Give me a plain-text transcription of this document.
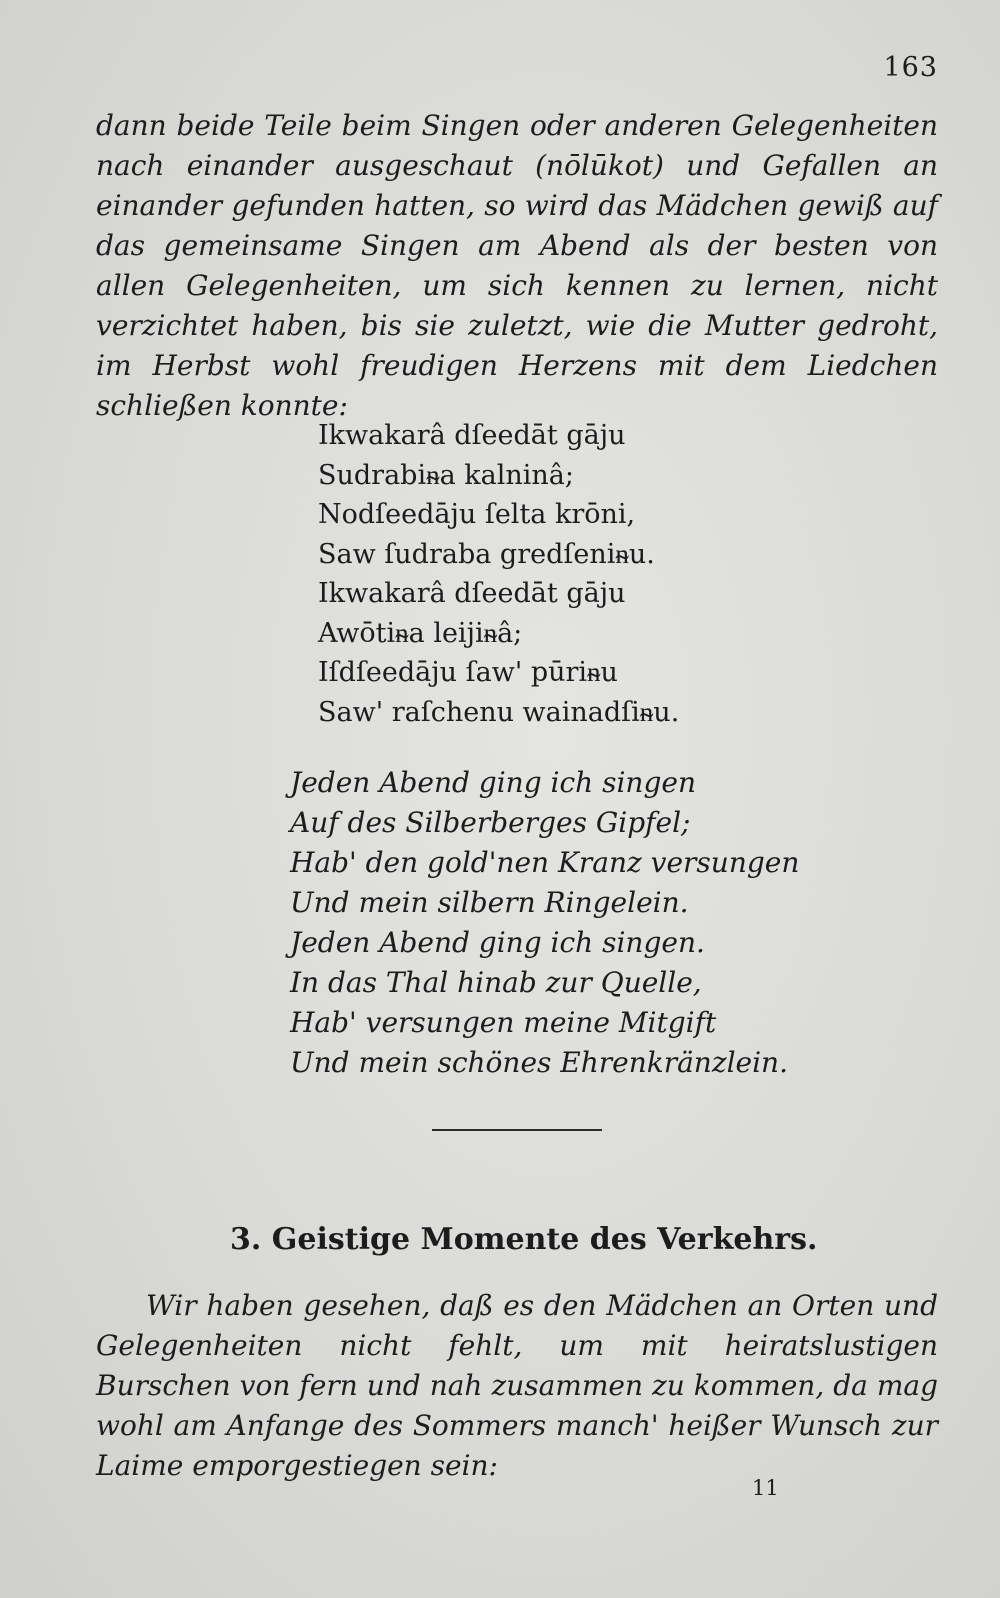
163

dann beide Teile beim Singen oder anderen Gelegenheiten nach einander ausgeschaut (nōlūkot) und Gefallen an einander gefunden hatten, so wird das Mädchen gewiß auf das gemeinsame Singen am Abend als der besten von allen Gelegenheiten, um sich kennen zu lernen, nicht verzichtet haben, bis sie zuletzt, wie die Mutter gedroht, im Herbst wohl freudigen Herzens mit dem Liedchen schließen konnte:

Ikwakarâ dſeedāt gāju
Sudrabiᵰa kalninâ;
Nodſeedāju ſelta krōni,
Saw ſudraba gredſeniᵰu.
Ikwakarâ dſeedāt gāju
Awōtiᵰa leijiᵰâ;
Iſdſeedāju ſaw' pūriᵰu
Saw' raſchenu wainadſiᵰu.
Jeden Abend ging ich singen
Auf des Silberberges Gipfel;
Hab' den gold'nen Kranz versungen
Und mein silbern Ringelein.
Jeden Abend ging ich singen.
In das Thal hinab zur Quelle,
Hab' versungen meine Mitgift
Und mein schönes Ehrenkränzlein.
3. Geistige Momente des Verkehrs.

Wir haben gesehen, daß es den Mädchen an Orten und Gelegenheiten nicht fehlt, um mit heiratslustigen Burschen von fern und nah zusammen zu kommen, da mag wohl am Anfange des Sommers manch' heißer Wunsch zur Laime emporgestiegen sein:

11
